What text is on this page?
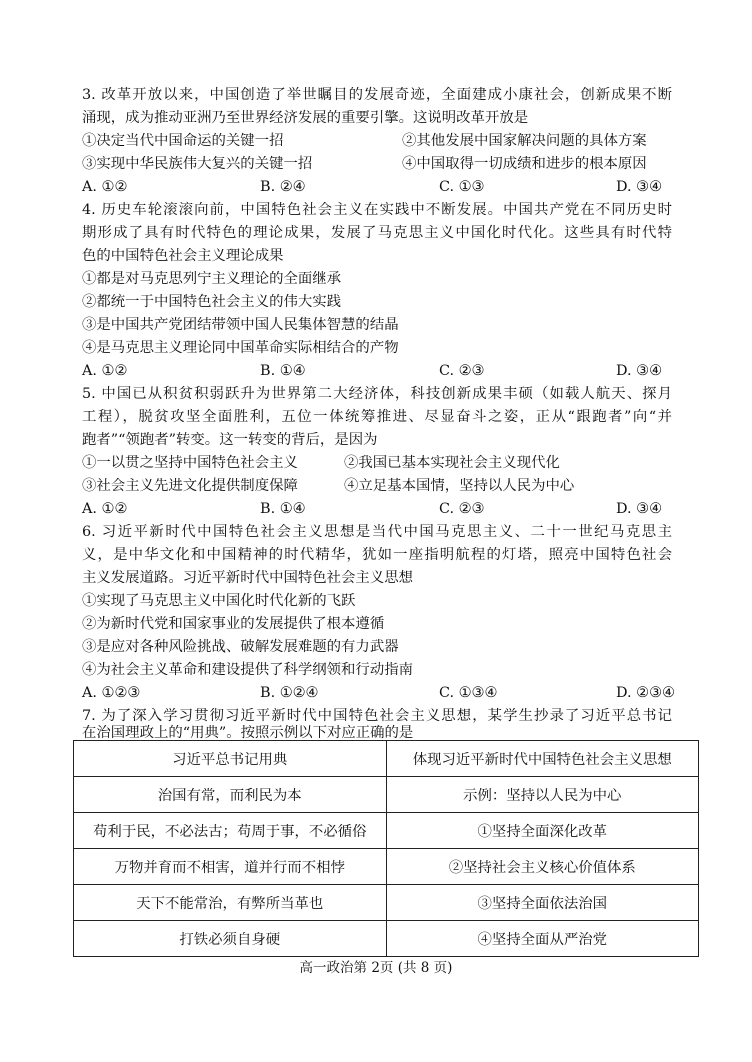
3. 改革开放以来，中国创造了举世瞩目的发展奇迹，全面建成小康社会，创新成果不断
涌现，成为推动亚洲乃至世界经济发展的重要引擎。这说明改革开放是
①决定当代中国命运的关键一招	②其他发展中国家解决问题的具体方案
③实现中华民族伟大复兴的关键一招	④中国取得一切成绩和进步的根本原因
A. ①②	B. ②④	C. ①③	D. ③④
4. 历史车轮滚滚向前，中国特色社会主义在实践中不断发展。中国共产党在不同历史时
期形成了具有时代特色的理论成果，发展了马克思主义中国化时代化。这些具有时代特
色的中国特色社会主义理论成果
①都是对马克思列宁主义理论的全面继承
②都统一于中国特色社会主义的伟大实践
③是中国共产党团结带领中国人民集体智慧的结晶
④是马克思主义理论同中国革命实际相结合的产物
A. ①②	B. ①④	C. ②③	D. ③④
5. 中国已从积贫积弱跃升为世界第二大经济体，科技创新成果丰硕（如载人航天、探月
工程），脱贫攻坚全面胜利，五位一体统筹推进、尽显奋斗之姿，正从“跟跑者”向“并
跑者”“领跑者”转变。这一转变的背后，是因为
①一以贯之坚持中国特色社会主义	②我国已基本实现社会主义现代化
③社会主义先进文化提供制度保障	④立足基本国情，坚持以人民为中心
A. ①②	B. ①④	C. ②③	D. ③④
6. 习近平新时代中国特色社会主义思想是当代中国马克思主义、二十一世纪马克思主
义，是中华文化和中国精神的时代精华，犹如一座指明航程的灯塔，照亮中国特色社会
主义发展道路。习近平新时代中国特色社会主义思想
①实现了马克思主义中国化时代化新的飞跃
②为新时代党和国家事业的发展提供了根本遵循
③是应对各种风险挑战、破解发展难题的有力武器
④为社会主义革命和建设提供了科学纲领和行动指南
A. ①②③	B. ①②④	C. ①③④	D. ②③④
7. 为了深入学习贯彻习近平新时代中国特色社会主义思想，某学生抄录了习近平总书记
在治国理政上的“用典”。按照示例以下对应正确的是
习近平总书记用典	体现习近平新时代中国特色社会主义思想
治国有常，而利民为本	示例：坚持以人民为中心
苟利于民，不必法古；苟周于事，不必循俗	①坚持全面深化改革
万物并育而不相害，道并行而不相悖	②坚持社会主义核心价值体系
天下不能常治，有弊所当革也	③坚持全面依法治国
打铁必须自身硬	④坚持全面从严治党
高一政治第 2页 (共 8 页)
